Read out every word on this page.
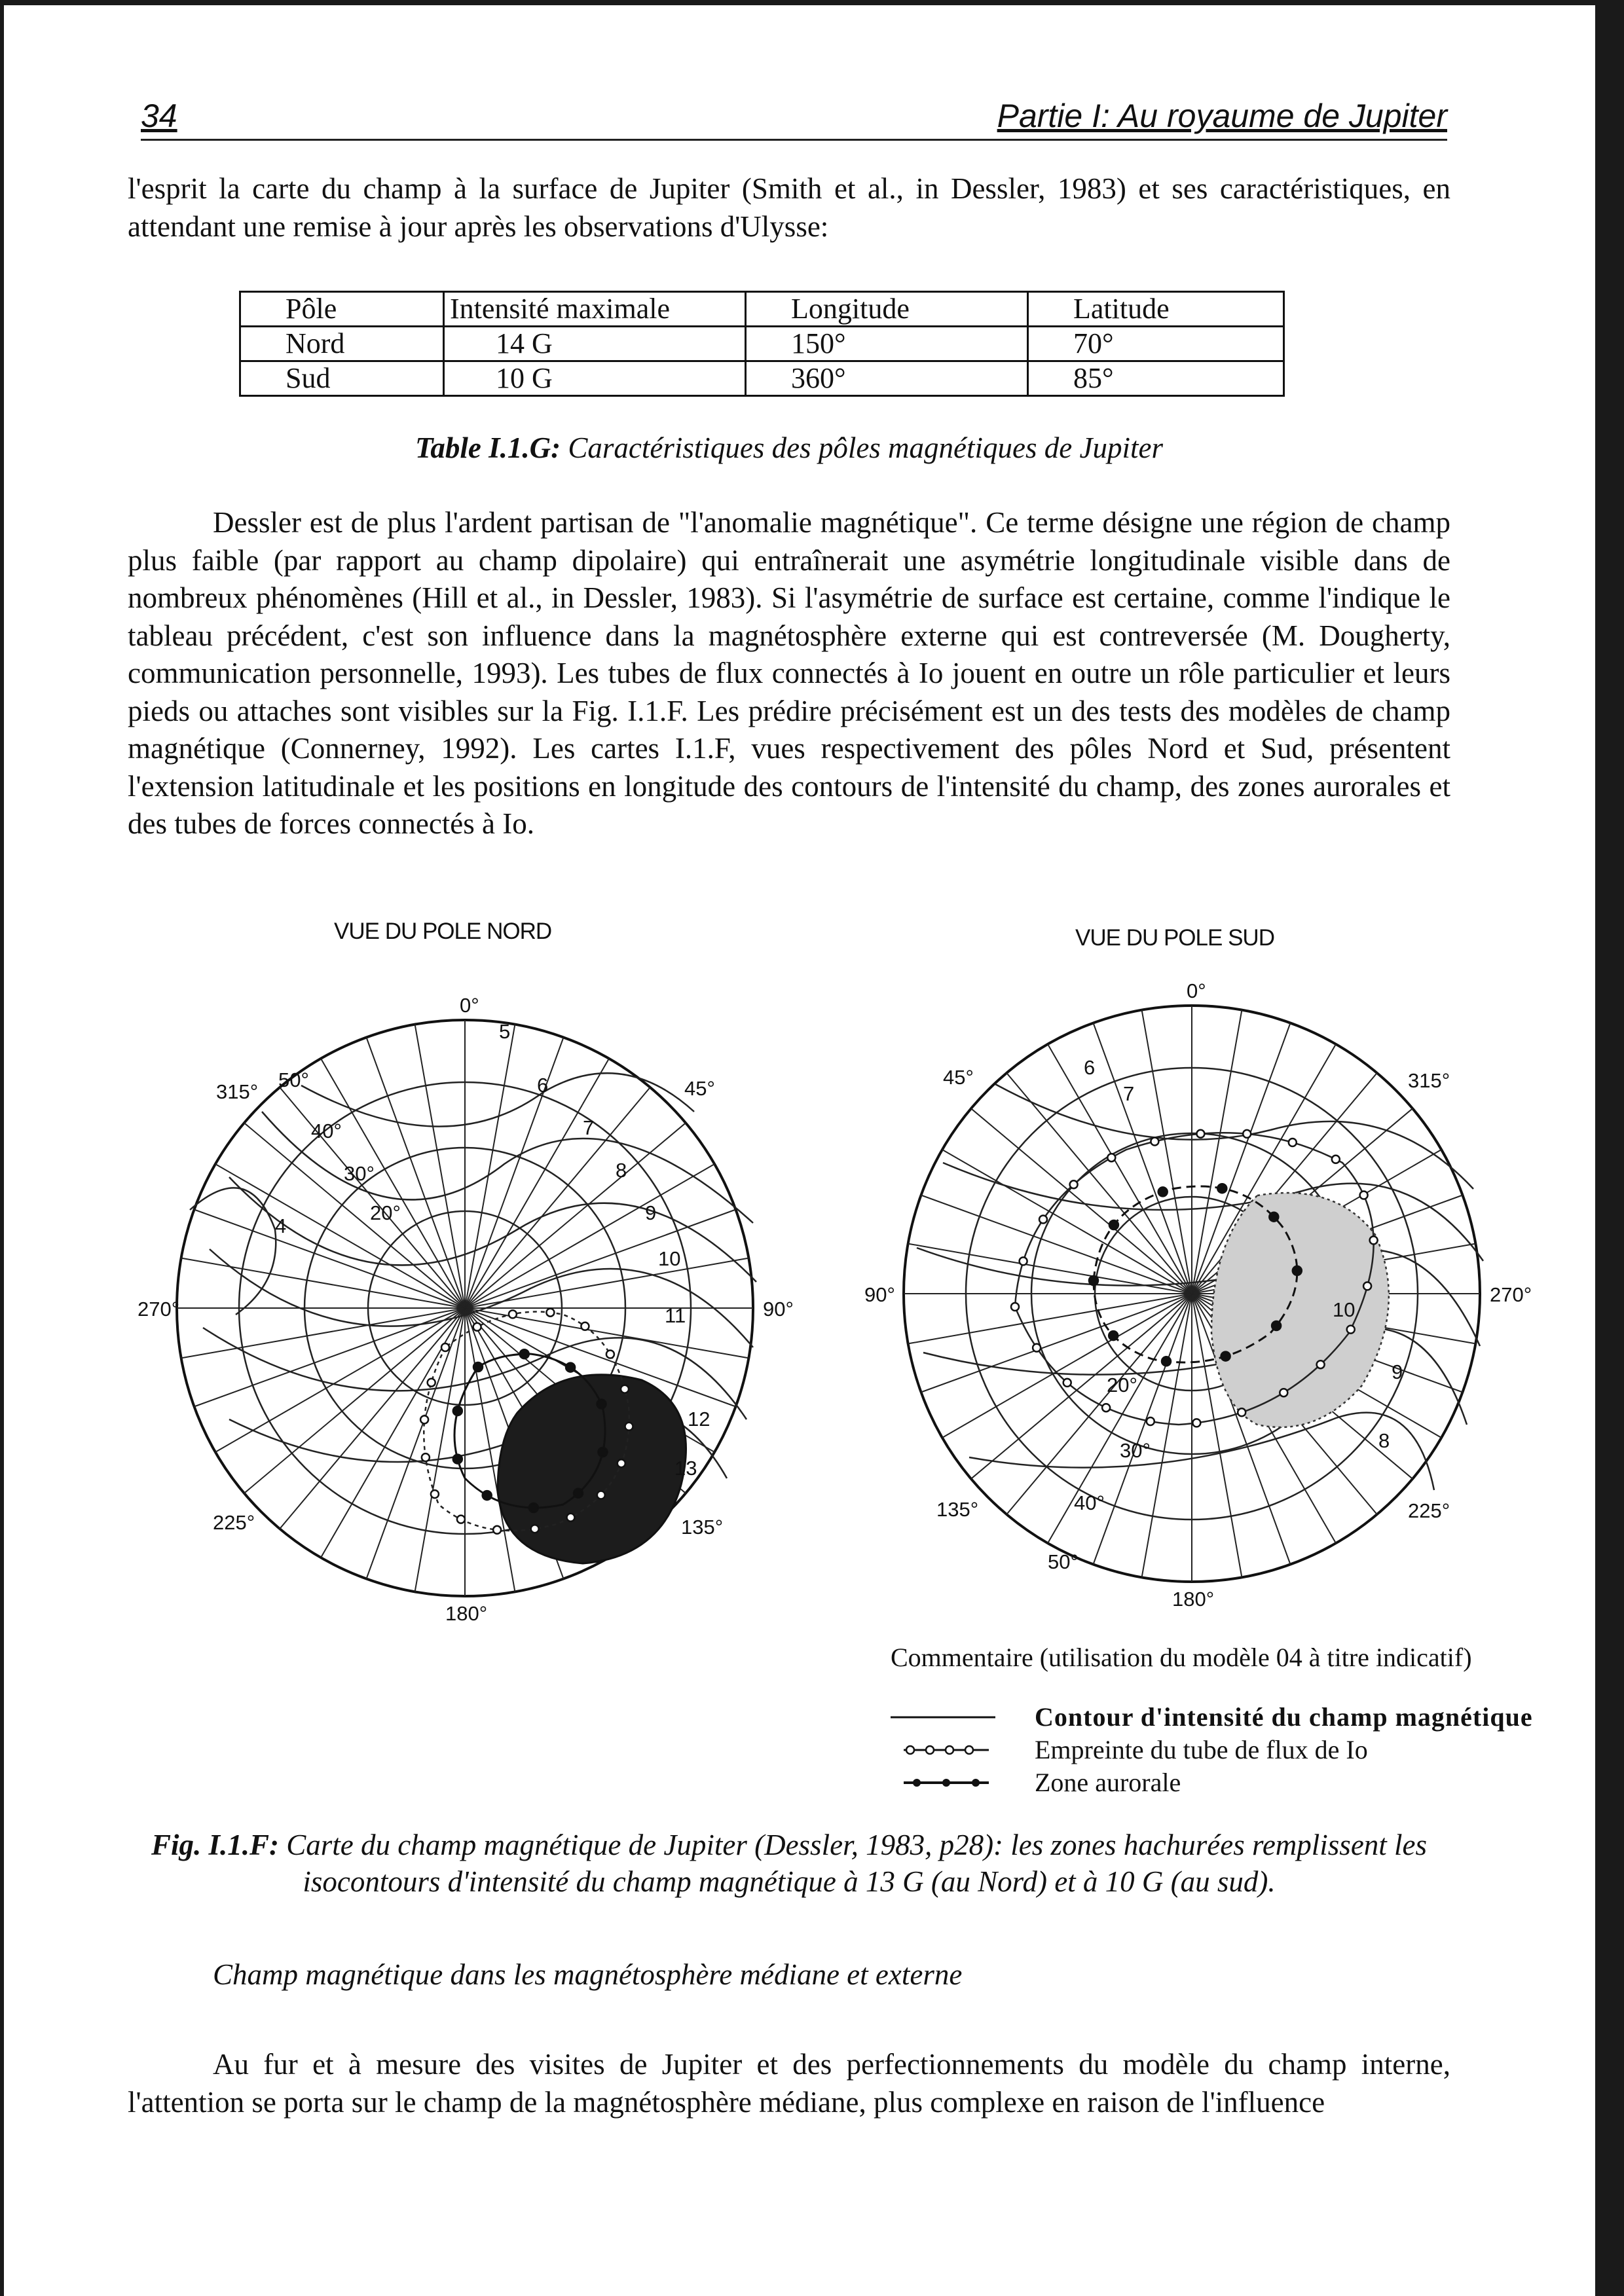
34	Partie I: Au royaume de Jupiter

l'esprit la carte du champ à la surface de Jupiter (Smith et al., in Dessler, 1983) et ses caractéristiques, en attendant une remise à jour après les observations d'Ulysse:

Pôle	Intensité maximale	Longitude	Latitude
Nord	14 G	150°	70°
Sud	10 G	360°	85°
Table I.1.G: Caractéristiques des pôles magnétiques de Jupiter

Dessler est de plus l'ardent partisan de "l'anomalie magnétique". Ce terme désigne une région de champ plus faible (par rapport au champ dipolaire) qui entraînerait une asymétrie longitudinale visible dans de nombreux phénomènes (Hill et al., in Dessler, 1983). Si l'asymétrie de surface est certaine, comme l'indique le tableau précédent, c'est son influence dans la magnétosphère externe qui est contreversée (M. Dougherty, communication personnelle, 1993). Les tubes de flux connectés à Io jouent en outre un rôle particulier et leurs pieds ou attaches sont visibles sur la Fig. I.1.F. Les prédire précisément est un des tests des modèles de champ magnétique (Connerney, 1992). Les cartes I.1.F, vues respectivement des pôles Nord et Sud, présentent l'extension latitudinale et les positions en longitude des contours de l'intensité du champ, des zones aurorales et des tubes de forces connectés à Io.

VUE DU POLE NORD
0°
45°
90°
135°
180°
225°
270°
315°
50°
40°
30°
20°
4
5
6
7
8
9
10
11
12
13
VUE DU POLE SUD
0°
45°
90°
135°
180°
225°
270°
315°
20°
30°
40°
50°
6
7
8
9
10
Commentaire (utilisation du modèle 04 à titre indicatif)
Contour d'intensité du champ magnétique
Empreinte du tube de flux de Io
Zone aurorale
Fig. I.1.F: Carte du champ magnétique de Jupiter (Dessler, 1983, p28): les zones hachurées remplissent les isocontours d'intensité du champ magnétique à 13 G (au Nord) et à 10 G (au sud).
Champ magnétique dans les magnétosphère médiane et externe

Au fur et à mesure des visites de Jupiter et des perfectionnements du modèle du champ interne, l'attention se porta sur le champ de la magnétosphère médiane, plus complexe en raison de l'influence
